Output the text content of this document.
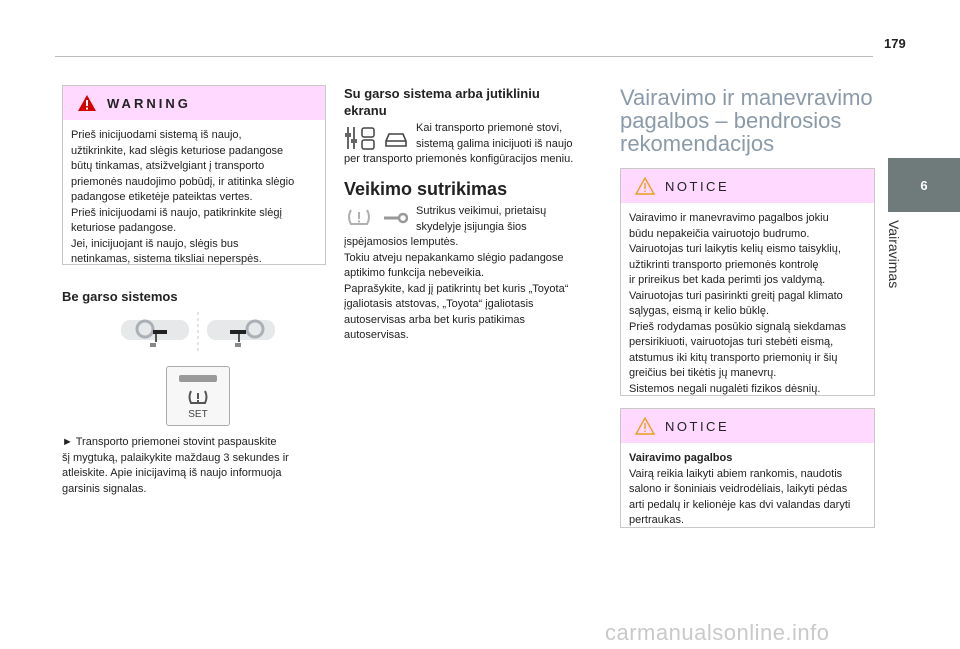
179
6
Vairavimas
WARNING
Prieš inicijuodami sistemą iš naujo,
užtikrinkite, kad slėgis keturiose padangose
būtų tinkamas, atsižvelgiant į transporto
priemonės naudojimo pobūdį, ir atitinka slėgio
padangose etiketėje pateiktas vertes.
Prieš inicijuodami iš naujo, patikrinkite slėgį
keturiose padangose.
Jei, inicijuojant iš naujo, slėgis bus
netinkamas, sistema tiksliai neperspės.
Be garso sistemos
SET
► Transporto priemonei stovint paspauskite
šį mygtuką, palaikykite maždaug 3 sekundes ir
atleiskite. Apie inicijavimą iš naujo informuoja
garsinis signalas.
Su garso sistema arba jutikliniu
ekranu
Kai transporto priemonė stovi,
sistemą galima inicijuoti iš naujo
per transporto priemonės konfigūracijos meniu.
Veikimo sutrikimas
Sutrikus veikimui, prietaisų
skydelyje įsijungia šios
įspėjamosios lemputės.
Tokiu atveju nepakankamo slėgio padangose
aptikimo funkcija nebeveikia.
Paprašykite, kad jį patikrintų bet kuris „Toyota“
įgaliotasis atstovas, „Toyota“ įgaliotasis
autoservisas arba bet kuris patikimas
autoservisas.
Vairavimo ir manevravimo
pagalbos – bendrosios
rekomendacijos
NOTICE
Vairavimo ir manevravimo pagalbos jokiu
būdu nepakeičia vairuotojo budrumo.
Vairuotojas turi laikytis kelių eismo taisyklių,
užtikrinti transporto priemonės kontrolę
ir prireikus bet kada perimti jos valdymą.
Vairuotojas turi pasirinkti greitį pagal klimato
sąlygas, eismą ir kelio būklę.
Prieš rodydamas posūkio signalą siekdamas
persirikiuoti, vairuotojas turi stebėti eismą,
atstumus iki kitų transporto priemonių ir šių
greičius bei tikėtis jų manevrų.
Sistemos negali nugalėti fizikos dėsnių.
NOTICE
Vairavimo pagalbos
Vairą reikia laikyti abiem rankomis, naudotis
salono ir šoniniais veidrodėliais, laikyti pėdas
arti pedalų ir kelionėje kas dvi valandas daryti
pertraukas.
carmanualsonline.info
